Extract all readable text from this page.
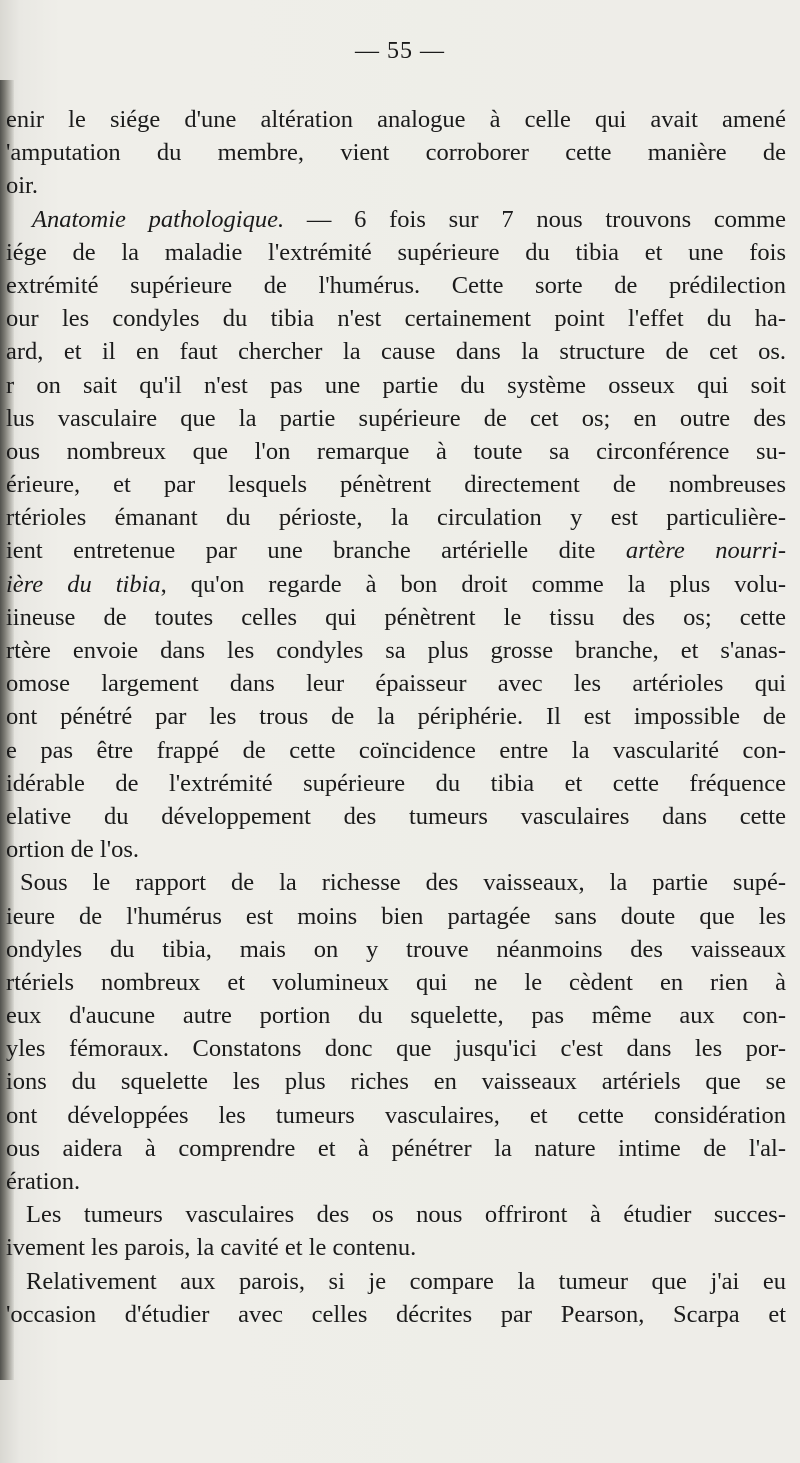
— 55 —
enir le siége d'une altération analogue à celle qui avait amené
'amputation du membre, vient corroborer cette manière de
oir.
Anatomie pathologique. — 6 fois sur 7 nous trouvons comme
iége de la maladie l'extrémité supérieure du tibia et une fois
extrémité supérieure de l'humérus. Cette sorte de prédilection
our les condyles du tibia n'est certainement point l'effet du ha-
ard, et il en faut chercher la cause dans la structure de cet os.
r on sait qu'il n'est pas une partie du système osseux qui soit
lus vasculaire que la partie supérieure de cet os; en outre des
ous nombreux que l'on remarque à toute sa circonférence su-
érieure, et par lesquels pénètrent directement de nombreuses
rtérioles émanant du périoste, la circulation y est particulière-
ient entretenue par une branche artérielle dite artère nourri-
ière du tibia, qu'on regarde à bon droit comme la plus volu-
iineuse de toutes celles qui pénètrent le tissu des os; cette
rtère envoie dans les condyles sa plus grosse branche, et s'anas-
omose largement dans leur épaisseur avec les artérioles qui
ont pénétré par les trous de la périphérie. Il est impossible de
e pas être frappé de cette coïncidence entre la vascularité con-
idérable de l'extrémité supérieure du tibia et cette fréquence
elative du développement des tumeurs vasculaires dans cette
ortion de l'os.
Sous le rapport de la richesse des vaisseaux, la partie supé-
ieure de l'humérus est moins bien partagée sans doute que les
ondyles du tibia, mais on y trouve néanmoins des vaisseaux
rtériels nombreux et volumineux qui ne le cèdent en rien à
eux d'aucune autre portion du squelette, pas même aux con-
yles fémoraux. Constatons donc que jusqu'ici c'est dans les por-
ions du squelette les plus riches en vaisseaux artériels que se
ont développées les tumeurs vasculaires, et cette considération
ous aidera à comprendre et à pénétrer la nature intime de l'al-
ération.
Les tumeurs vasculaires des os nous offriront à étudier succes-
ivement les parois, la cavité et le contenu.
Relativement aux parois, si je compare la tumeur que j'ai eu
'occasion d'étudier avec celles décrites par Pearson, Scarpa et
